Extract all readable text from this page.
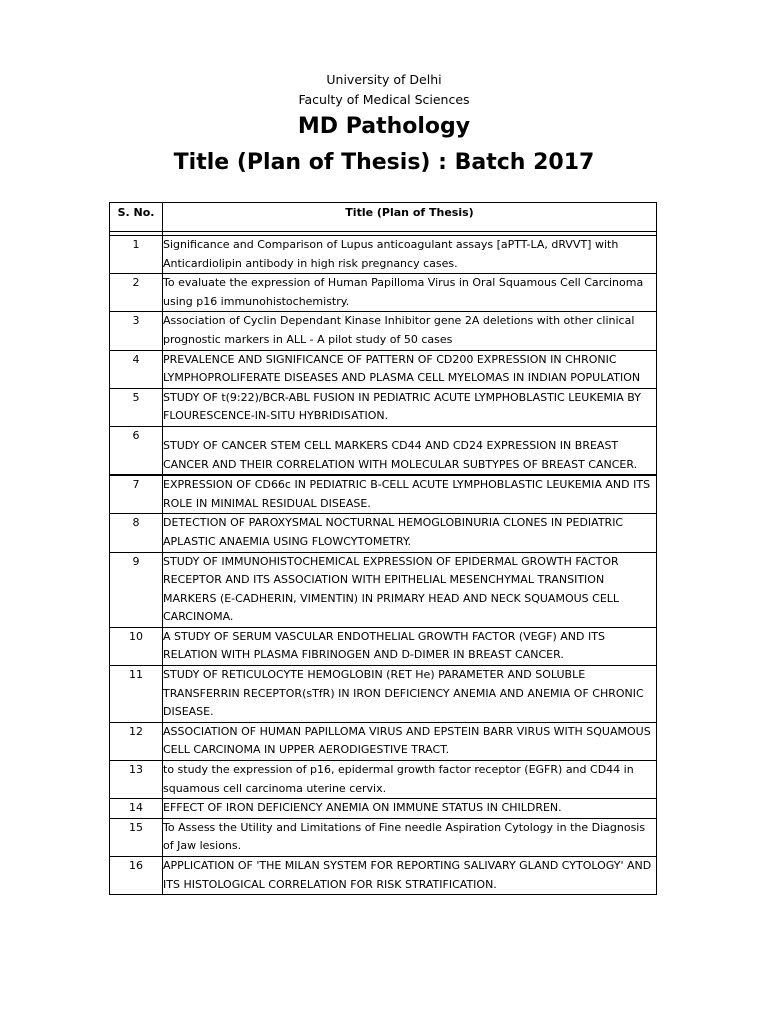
University of Delhi
Faculty of Medical Sciences
MD Pathology
Title (Plan of Thesis) : Batch 2017
S. No.	Title (Plan of Thesis)

1	Significance and Comparison of Lupus anticoagulant assays [aPTT-LA, dRVVT] with Anticardiolipin antibody in high risk pregnancy cases.
2	To evaluate the expression of Human Papilloma Virus in Oral Squamous Cell Carcinoma using p16 immunohistochemistry.
3	Association of Cyclin Dependant Kinase Inhibitor gene 2A deletions with other clinical prognostic markers in ALL - A pilot study of 50 cases
4	PREVALENCE AND SIGNIFICANCE OF PATTERN OF CD200 EXPRESSION IN CHRONIC LYMPHOPROLIFERATE DISEASES AND PLASMA CELL MYELOMAS IN INDIAN POPULATION
5	STUDY OF t(9:22)/BCR-ABL FUSION IN PEDIATRIC ACUTE LYMPHOBLASTIC LEUKEMIA BY FLOURESCENCE-IN-SITU HYBRIDISATION.
6	STUDY OF CANCER STEM CELL MARKERS CD44 AND CD24 EXPRESSION IN BREAST CANCER AND THEIR CORRELATION WITH MOLECULAR SUBTYPES OF BREAST CANCER.
7	EXPRESSION OF CD66c IN PEDIATRIC B-CELL ACUTE LYMPHOBLASTIC LEUKEMIA AND ITS ROLE IN MINIMAL RESIDUAL DISEASE.
8	DETECTION OF PAROXYSMAL NOCTURNAL HEMOGLOBINURIA CLONES IN PEDIATRIC APLASTIC ANAEMIA USING FLOWCYTOMETRY.
9	STUDY OF IMMUNOHISTOCHEMICAL EXPRESSION OF EPIDERMAL GROWTH FACTOR RECEPTOR AND ITS ASSOCIATION WITH EPITHELIAL MESENCHYMAL TRANSITION MARKERS (E-CADHERIN, VIMENTIN) IN PRIMARY HEAD AND NECK SQUAMOUS CELL CARCINOMA.
10	A STUDY OF SERUM VASCULAR ENDOTHELIAL GROWTH FACTOR (VEGF) AND ITS RELATION WITH PLASMA FIBRINOGEN AND D-DIMER IN BREAST CANCER.
11	STUDY OF RETICULOCYTE HEMOGLOBIN (RET He) PARAMETER AND SOLUBLE TRANSFERRIN RECEPTOR(sTfR) IN IRON DEFICIENCY ANEMIA AND ANEMIA OF CHRONIC DISEASE.
12	ASSOCIATION OF HUMAN PAPILLOMA VIRUS AND EPSTEIN BARR VIRUS WITH SQUAMOUS CELL CARCINOMA IN UPPER AERODIGESTIVE TRACT.
13	to study the expression of p16, epidermal growth factor receptor (EGFR) and CD44 in squamous cell carcinoma uterine cervix.
14	EFFECT OF IRON DEFICIENCY ANEMIA ON IMMUNE STATUS IN CHILDREN.
15	To Assess the Utility and Limitations of Fine needle Aspiration Cytology in the Diagnosis of Jaw lesions.
16	APPLICATION OF 'THE MILAN SYSTEM FOR REPORTING SALIVARY GLAND CYTOLOGY' AND ITS HISTOLOGICAL CORRELATION FOR RISK STRATIFICATION.
